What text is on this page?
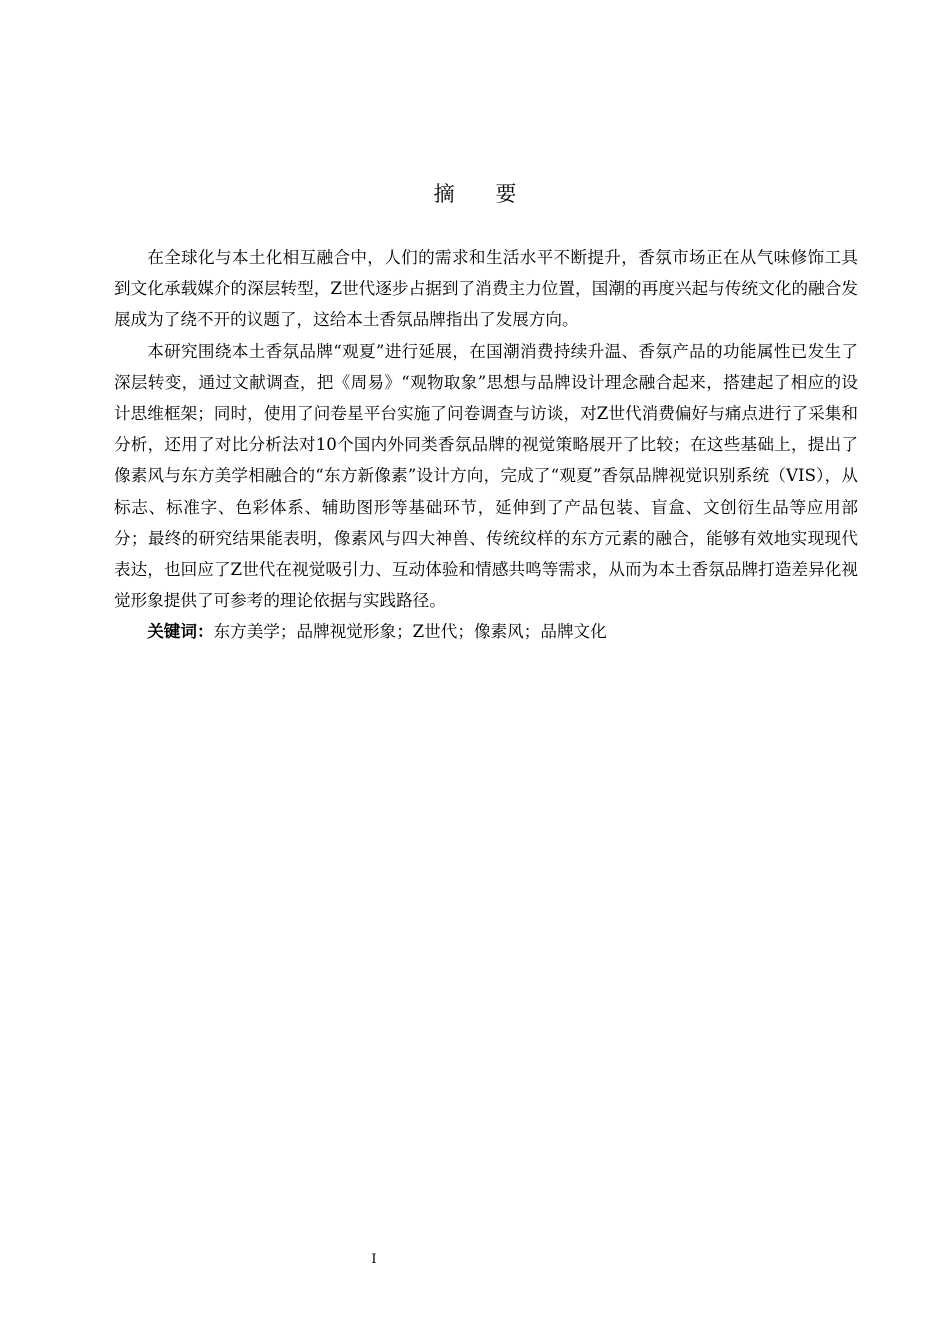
摘 要

在全球化与本土化相互融合中，人们的需求和生活水平不断提升，香氛市场正在从气味修饰工具到文化承载媒介的深层转型，Z世代逐步占据到了消费主力位置，国潮的再度兴起与传统文化的融合发展成为了绕不开的议题了，这给本土香氛品牌指出了发展方向。

本研究围绕本土香氛品牌“观夏”进行延展，在国潮消费持续升温、香氛产品的功能属性已发生了深层转变，通过文献调查，把《周易》“观物取象”思想与品牌设计理念融合起来，搭建起了相应的设计思维框架；同时，使用了问卷星平台实施了问卷调查与访谈，对Z世代消费偏好与痛点进行了采集和分析，还用了对比分析法对10个国内外同类香氛品牌的视觉策略展开了比较；在这些基础上，提出了像素风与东方美学相融合的“东方新像素”设计方向，完成了“观夏”香氛品牌视觉识别系统（VIS），从标志、标准字、色彩体系、辅助图形等基础环节，延伸到了产品包装、盲盒、文创衍生品等应用部分；最终的研究结果能表明，像素风与四大神兽、传统纹样的东方元素的融合，能够有效地实现现代表达，也回应了Z世代在视觉吸引力、互动体验和情感共鸣等需求，从而为本土香氛品牌打造差异化视觉形象提供了可参考的理论依据与实践路径。

关键词：东方美学；品牌视觉形象；Z世代；像素风；品牌文化

I
